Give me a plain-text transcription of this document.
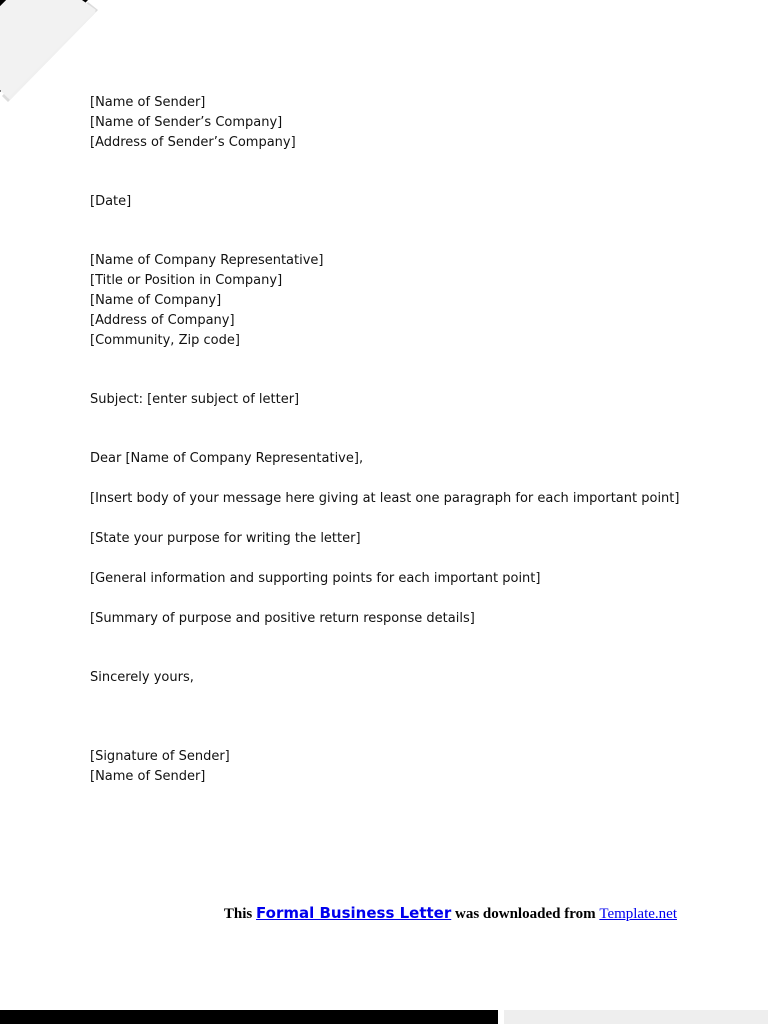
[Name of Sender]
[Name of Sender’s Company]
[Address of Sender’s Company]
[Date]
[Name of Company Representative]
[Title or Position in Company]
[Name of Company]
[Address of Company]
[Community, Zip code]
Subject: [enter subject of letter]
Dear [Name of Company Representative],
[Insert body of your message here giving at least one paragraph for each important point]
[State your purpose for writing the letter]
[General information and supporting points for each important point]
[Summary of purpose and positive return response details]
Sincerely yours,
[Signature of Sender]
[Name of Sender]
This Formal Business Letter was downloaded from Template.net
